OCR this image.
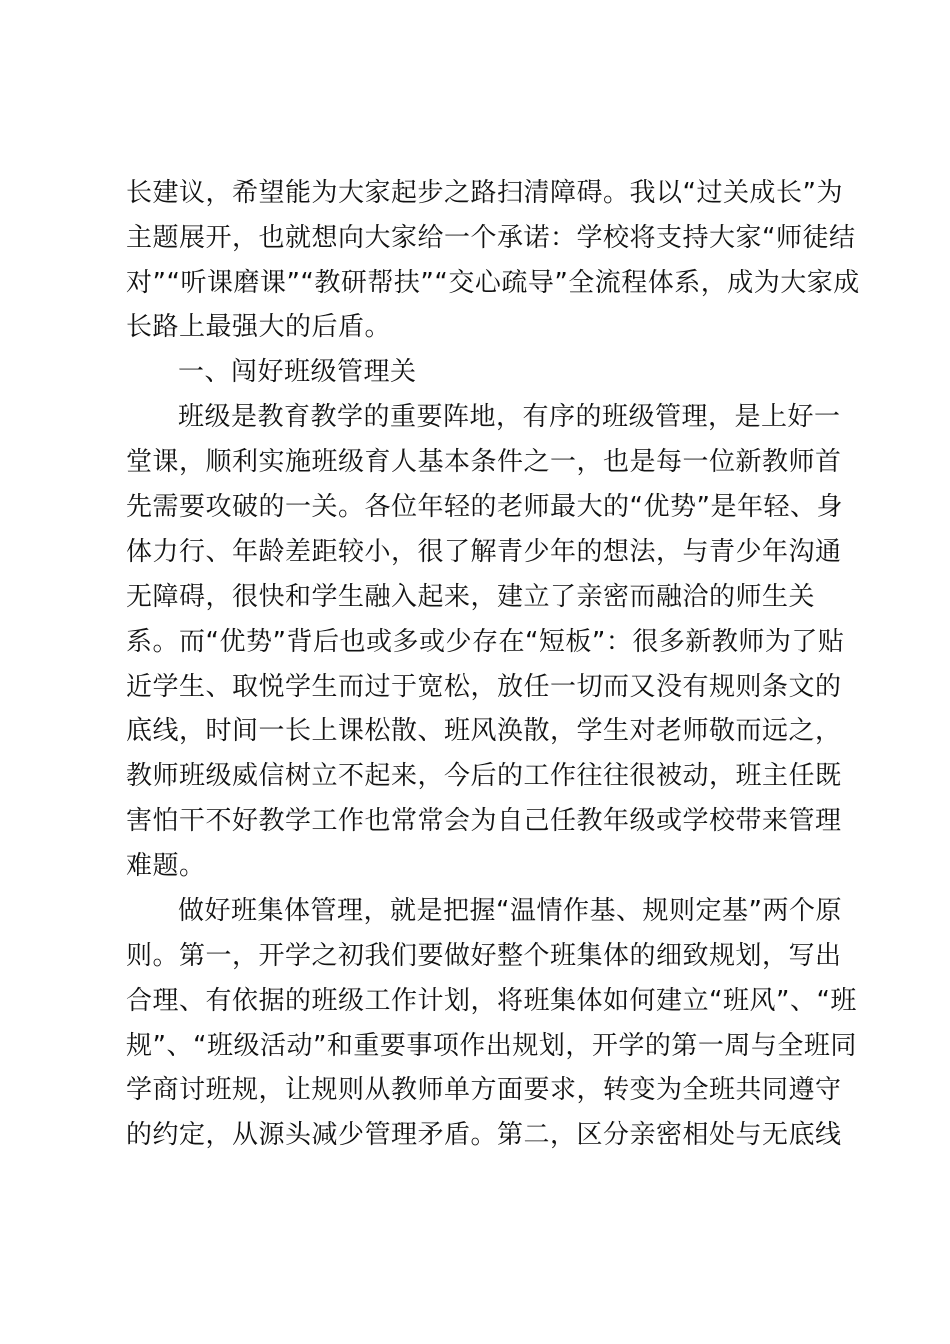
长建议，希望能为大家起步之路扫清障碍。我以“过关成长”为
主题展开，也就想向大家给一个承诺：学校将支持大家“师徒结
对”“听课磨课”“教研帮扶”“交心疏导”全流程体系，成为大家成
长路上最强大的后盾。
一、闯好班级管理关
班级是教育教学的重要阵地，有序的班级管理，是上好一
堂课，顺利实施班级育人基本条件之一，也是每一位新教师首
先需要攻破的一关。各位年轻的老师最大的“优势”是年轻、身
体力行、年龄差距较小，很了解青少年的想法，与青少年沟通
无障碍，很快和学生融入起来，建立了亲密而融洽的师生关
系。而“优势”背后也或多或少存在“短板”：很多新教师为了贴
近学生、取悦学生而过于宽松，放任一切而又没有规则条文的
底线，时间一长上课松散、班风涣散，学生对老师敬而远之，
教师班级威信树立不起来，今后的工作往往很被动，班主任既
害怕干不好教学工作也常常会为自己任教年级或学校带来管理
难题。
做好班集体管理，就是把握“温情作基、规则定基”两个原
则。第一，开学之初我们要做好整个班集体的细致规划，写出
合理、有依据的班级工作计划，将班集体如何建立“班风”、“班
规”、“班级活动”和重要事项作出规划，开学的第一周与全班同
学商讨班规，让规则从教师单方面要求，转变为全班共同遵守
的约定，从源头减少管理矛盾。第二，区分亲密相处与无底线
